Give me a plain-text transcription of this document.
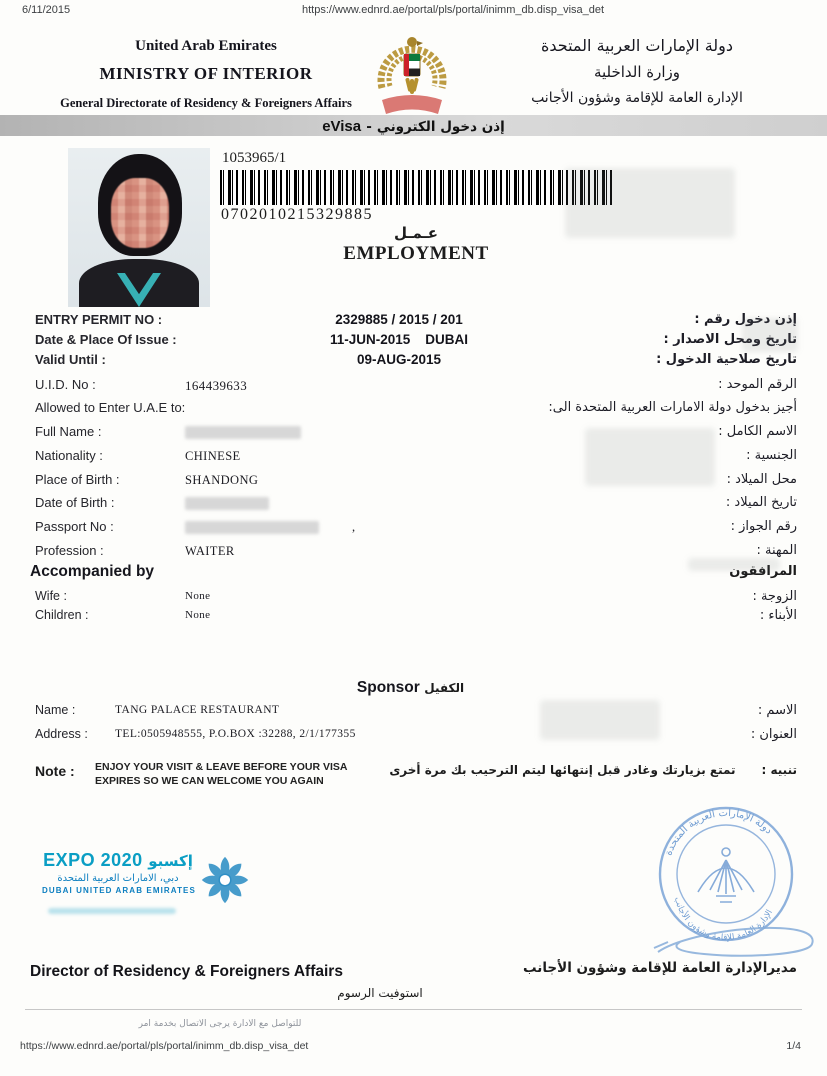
6/11/2015	https://www.ednrd.ae/portal/pls/portal/inimm_db.disp_visa_det
United Arab Emirates
MINISTRY OF INTERIOR
General Directorate of Residency & Foreigners Affairs
دولة الإمارات العربية المتحدة
وزارة الداخلية
الإدارة العامة للإقامة وشؤون الأجانب
إذن دخول الكتروني - eVisa
1053965/1
0702010215329885
عـمـل
EMPLOYMENT
ENTRY PERMIT NO :	2329885 / 2015 / 201	إذن دخول رقم :
Date & Place Of Issue :	11-JUN-2015    DUBAI	تاريخ ومحل الاصدار :
Valid Until :	09-AUG-2015	تاريخ صلاحية الدخول :
U.I.D. No :	164439633	الرقم الموحد :
Allowed to Enter U.A.E to:	أجيز بدخول دولة الامارات العربية المتحدة الى:
Full Name :	الاسم الكامل :
Nationality :	CHINESE	الجنسية :
Place of Birth :	SHANDONG	محل الميلاد :
Date of Birth :	تاريخ الميلاد :
Passport No :	,	رقم الجواز :
Profession :	WAITER	المهنة :
Accompanied by	المرافقون
Wife :	None	الزوجة :
Children :	None	الأبناء :
Sponsor الكفيل
Name :	TANG PALACE RESTAURANT	الاسم :
Address : TEL:0505948555, P.O.BOX :32288, 2/1/177355	العنوان :
Note : ENJOY YOUR VISIT & LEAVE BEFORE YOUR VISA EXPIRES SO WE CAN WELCOME YOU AGAIN
تنبيه :تمتع بزيارتك وغادر قبل إنتهائها ليتم الترحيب بك مرة أخرى
EXPO 2020 إكسبو
دبي، الامارات العربية المتحدة
DUBAI UNITED ARAB EMIRATES
دولة الإمارات العربية المتحدة
الإدارة العامة للإقامة وشؤون الأجانب
Director of Residency & Foreigners Affairs	مديرالإدارة العامة للإقامة وشؤون الأجانب
استوفيت الرسوم
للتواصل مع الادارة يرجى الاتصال بخدمة امر
https://www.ednrd.ae/portal/pls/portal/inimm_db.disp_visa_det	1/4
